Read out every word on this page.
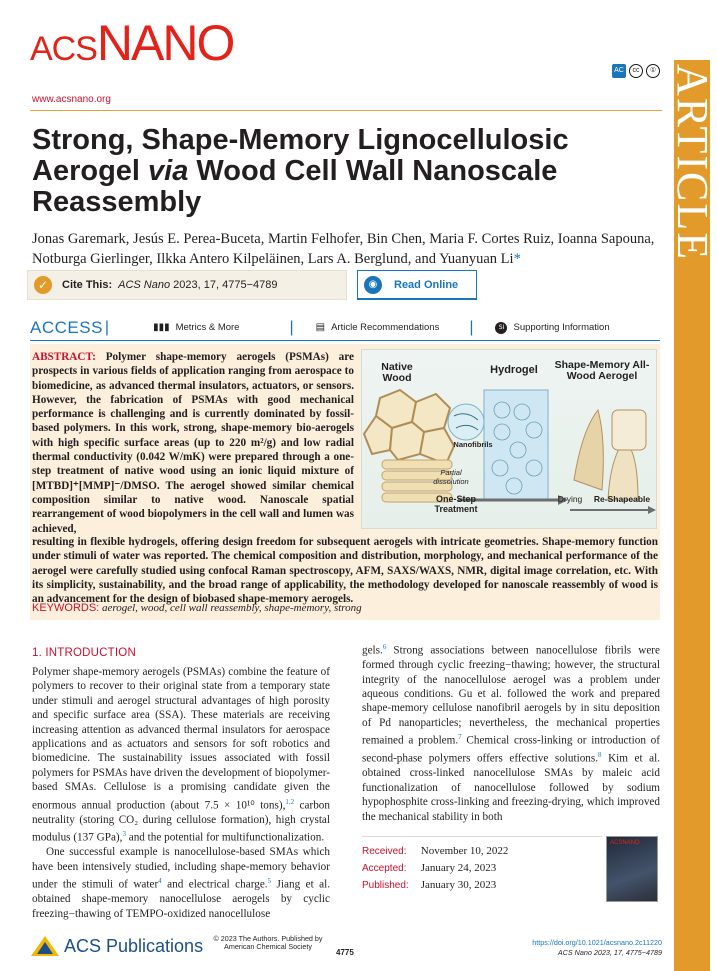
ACSNANO
www.acsnano.org
AC	cc	① ARTICLE
Strong, Shape-Memory Lignocellulosic Aerogel via Wood Cell Wall Nanoscale Reassembly
Jonas Garemark, Jesús E. Perea-Buceta, Martin Felhofer, Bin Chen, Maria F. Cortes Ruiz, Ioanna Sapouna, Notburga Gierlinger, Ilkka Antero Kilpeläinen, Lars A. Berglund, and Yuanyuan Li*
✓	Cite This: ACS Nano 2023, 17, 4775−4789	◉	Read Online
ACCESS |	▮▮▮ Metrics & More	| ▤ Article Recommendations |	SI Supporting Information

ABSTRACT: Polymer shape-memory aerogels (PSMAs) are prospects in various fields of application ranging from aerospace to biomedicine, as advanced thermal insulators, actuators, or sensors. However, the fabrication of PSMAs with good mechanical performance is challenging and is currently dominated by fossil-based polymers. In this work, strong, shape-memory bio-aerogels with high specific surface areas (up to 220 m²/g) and low radial thermal conductivity (0.042 W/mK) were prepared through a one-step treatment of native wood using an ionic liquid mixture of [MTBD]⁺[MMP]⁻/DMSO. The aerogel showed similar chemical composition similar to native wood. Nanoscale spatial rearrangement of wood biopolymers in the cell wall and lumen was achieved,

Native Wood
Hydrogel	Shape-Memory All-Wood Aerogel
Nanofibrils
Partial dissolution
One-Step Treatment
Drying	Re-Shapeable

resulting in flexible hydrogels, offering design freedom for subsequent aerogels with intricate geometries. Shape-memory function under stimuli of water was reported. The chemical composition and distribution, morphology, and mechanical performance of the aerogel were carefully studied using confocal Raman spectroscopy, AFM, SAXS/WAXS, NMR, digital image correlation, etc. With its simplicity, sustainability, and the broad range of applicability, the methodology developed for nanoscale reassembly of wood is an advancement for the design of biobased shape-memory aerogels.

KEYWORDS: aerogel, wood, cell wall reassembly, shape-memory, strong

1. INTRODUCTION

Polymer shape-memory aerogels (PSMAs) combine the feature of polymers to recover to their original state from a temporary state under stimuli and aerogel structural advantages of high porosity and specific surface area (SSA). These materials are receiving increasing attention as advanced thermal insulators for aerospace applications and as actuators and sensors for soft robotics and biomedicine. The sustainability issues associated with fossil polymers for PSMAs have driven the development of biopolymer-based SMAs. Cellulose is a promising candidate given the enormous annual production (about 7.5 × 10¹⁰ tons),$^{1,2}$ carbon neutrality (storing CO₂ during cellulose formation), high crystal modulus (137 GPa),$^3$ and the potential for multifunctionalization.

One successful example is nanocellulose-based SMAs which have been intensively studied, including shape-memory behavior under the stimuli of water$^4$ and electrical charge.$^5$ Jiang et al. obtained shape-memory nanocellulose aerogels by cyclic freezing−thawing of TEMPO-oxidized nanocellulose

gels.$^6$ Strong associations between nanocellulose fibrils were formed through cyclic freezing−thawing; however, the structural integrity of the nanocellulose aerogel was a problem under aqueous conditions. Gu et al. followed the work and prepared shape-memory cellulose nanofibril aerogels by in situ deposition of Pd nanoparticles; nevertheless, the mechanical properties remained a problem.$^7$ Chemical cross-linking or introduction of second-phase polymers offers effective solutions.$^8$ Kim et al. obtained cross-linked nanocellulose SMAs by maleic acid functionalization of nanocellulose followed by sodium hypophosphite cross-linking and freezing-drying, which improved the mechanical stability in both

Received: November 10, 2022
Accepted: January 24, 2023
Published: January 30, 2023
ACSNANO
ACS Publications	© 2023 The Authors. Published by American Chemical Society
4775
https://doi.org/10.1021/acsnano.2c11220
ACS Nano 2023, 17, 4775−4789
